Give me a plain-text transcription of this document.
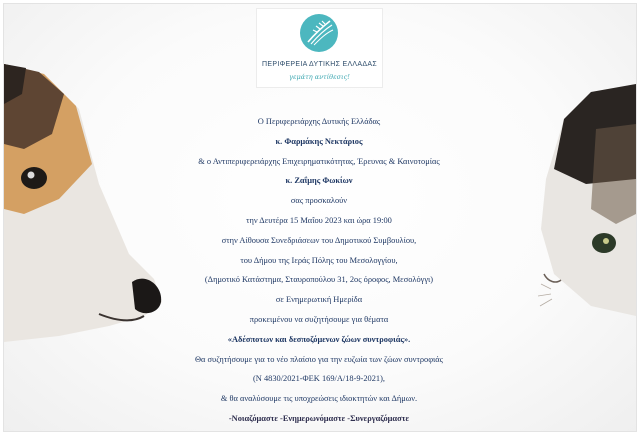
ΠΕΡΙΦΕΡΕΙΑ ΔΥΤΙΚΗΣ ΕΛΛΑΔΑΣ
γεμάτη αντίθεσις!
Ο Περιφερειάρχης Δυτικής Ελλάδας
κ. Φαρμάκης Νεκτάριος
& ο Αντιπεριφερειάρχης Επιχειρηματικότητας, Έρευνας & Καινοτομίας
κ. Ζαΐμης Φωκίων
σας προσκαλούν
την Δευτέρα 15 Μαΐου 2023 και ώρα 19:00
στην Αίθουσα Συνεδριάσεων του Δημοτικού Συμβουλίου,
του Δήμου της Ιεράς Πόλης του Μεσολογγίου,
(Δημοτικό Κατάστημα, Σταυροπούλου 31, 2ος όροφος, Μεσολόγγι)
σε Ενημερωτική Ημερίδα
προκειμένου να συζητήσουμε για θέματα
«Αδέσποτων και δεσποζόμενων ζώων συντροφιάς».
Θα συζητήσουμε για το νέο πλαίσιο για την ευζωία των ζώων συντροφιάς
(Ν 4830/2021-ΦΕΚ 169/Α/18-9-2021),
& θα αναλύσουμε τις υποχρεώσεις ιδιοκτητών και Δήμων.
-Νοιαζόμαστε -Ενημερωνόμαστε -Συνεργαζόμαστε
